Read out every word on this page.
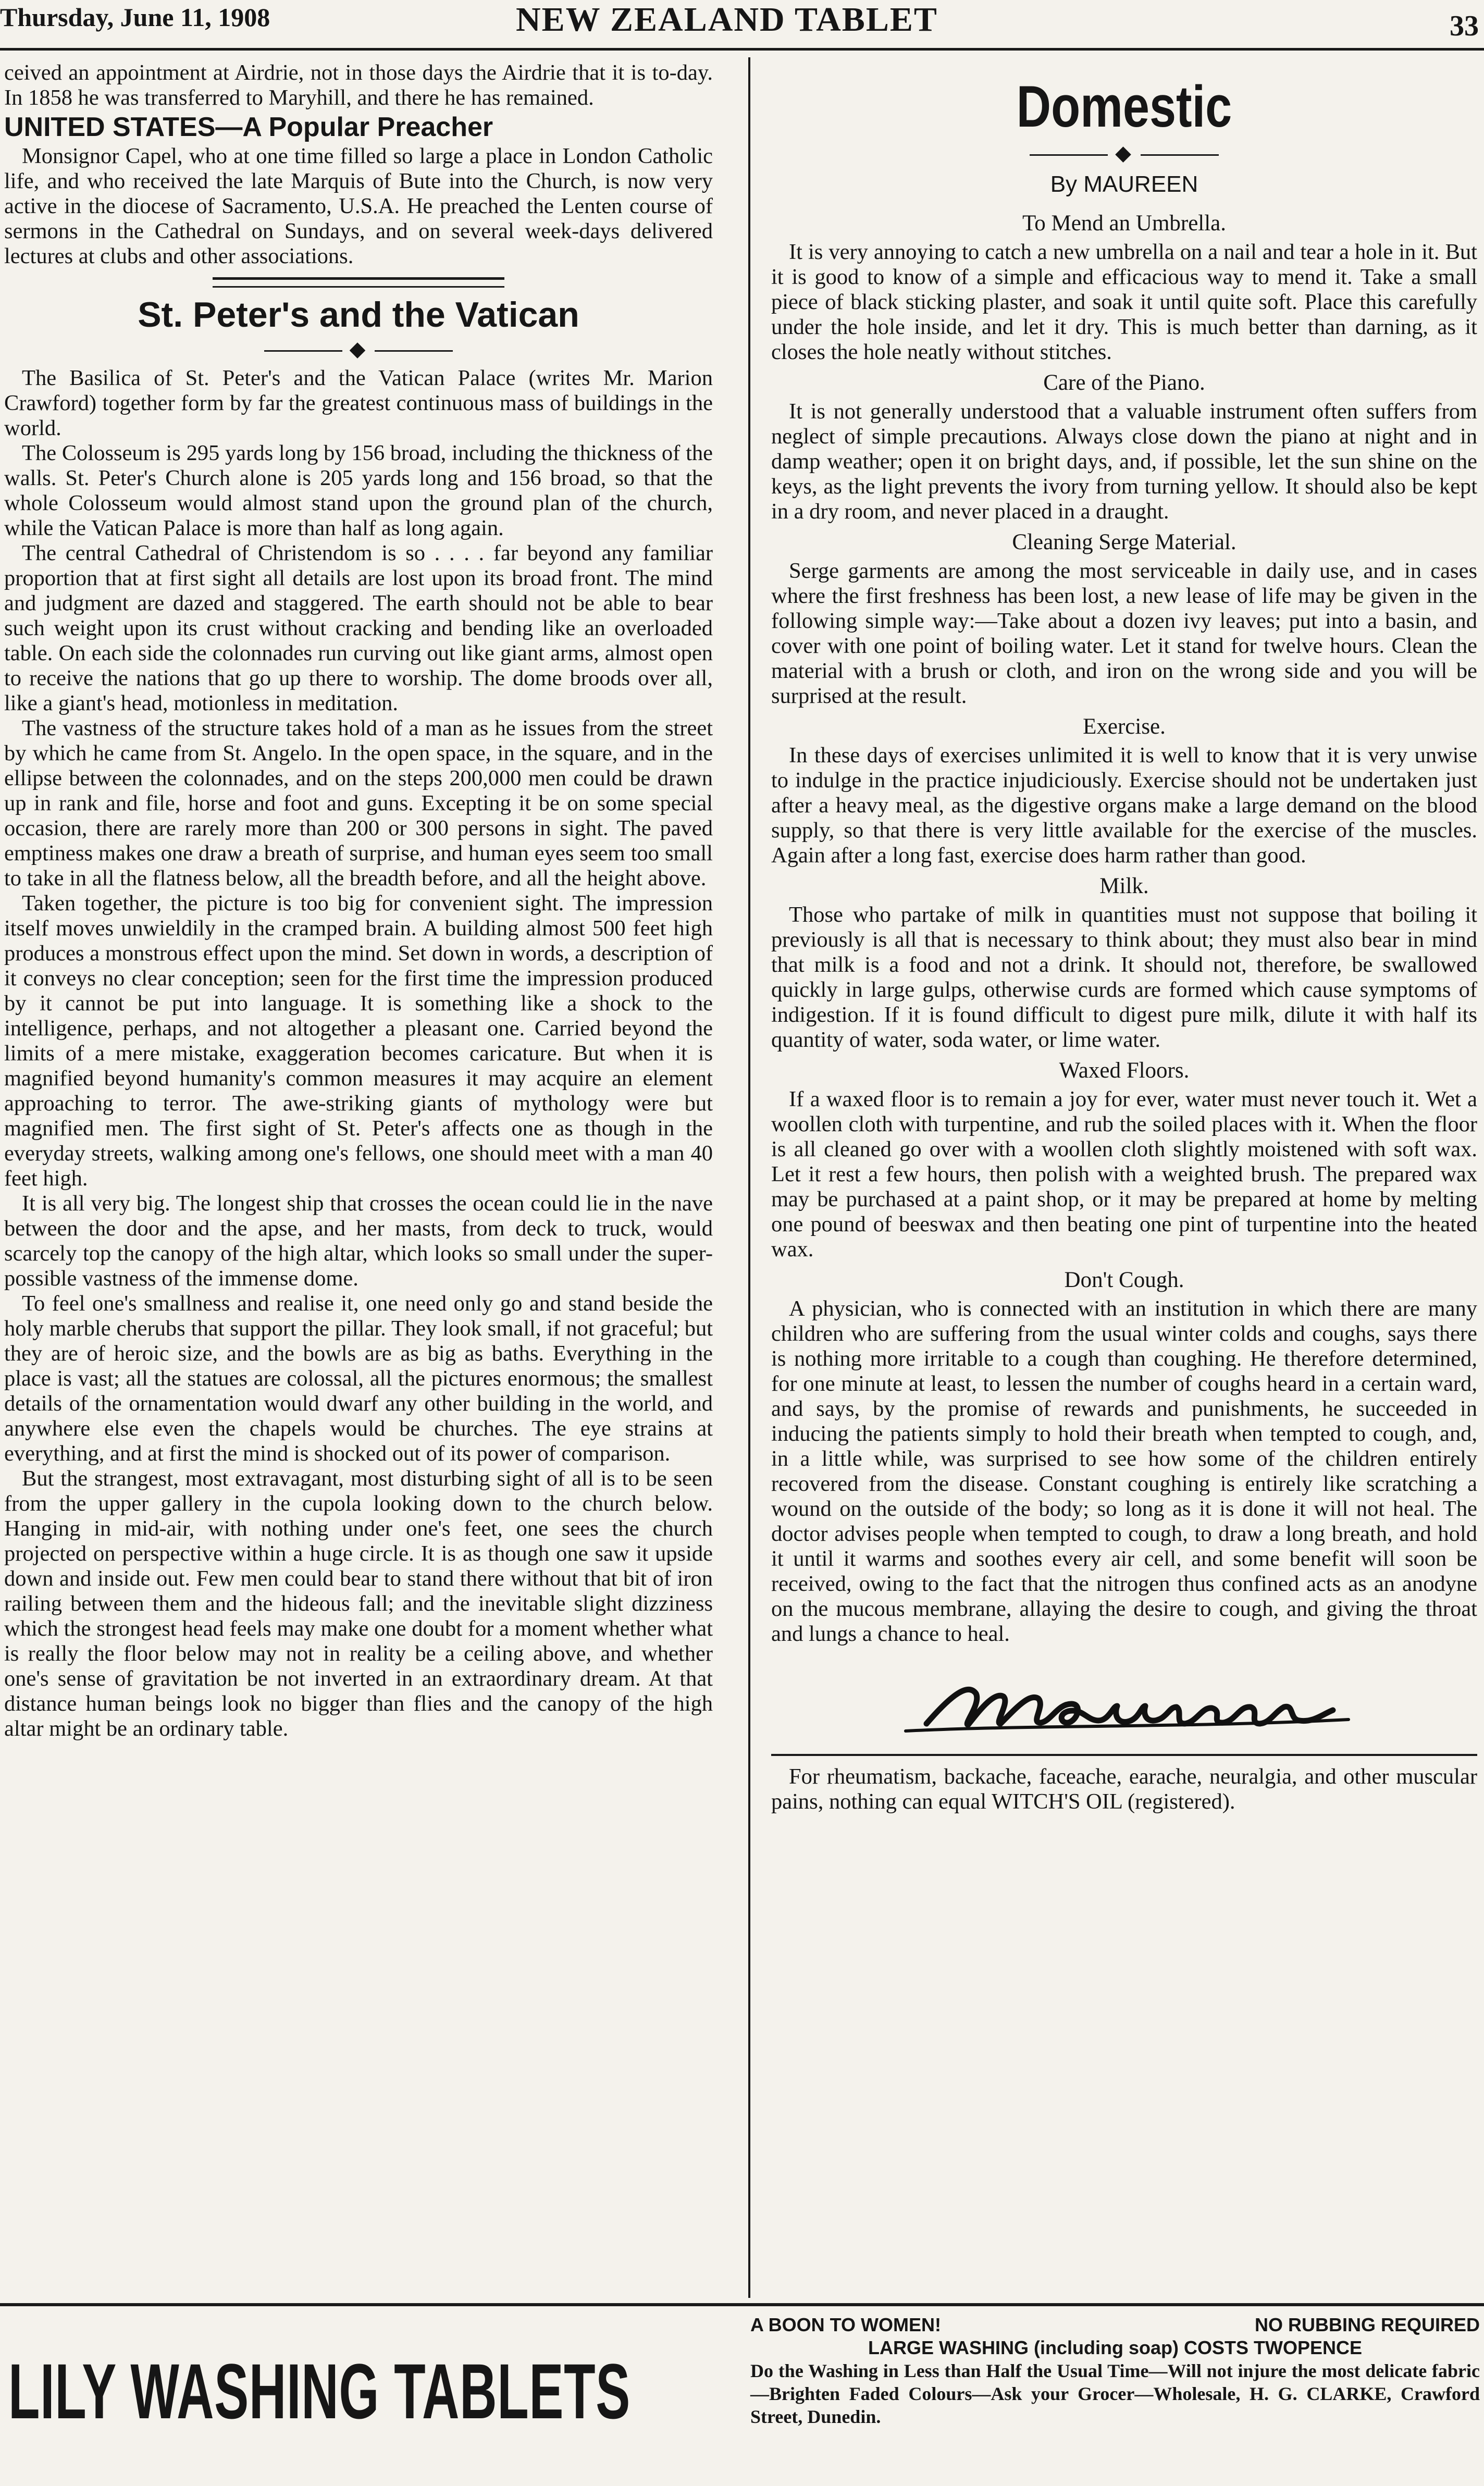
Thursday, June 11, 1908	NEW ZEALAND TABLET	33

ceived an appointment at Airdrie, not in those days the Airdrie that it is to-day. In 1858 he was transferred to Maryhill, and there he has remained.

UNITED STATES—A Popular Preacher

Monsignor Capel, who at one time filled so large a place in London Catholic life, and who received the late Marquis of Bute into the Church, is now very active in the diocese of Sacramento, U.S.A. He preached the Lenten course of sermons in the Cathedral on Sundays, and on several week-days delivered lectures at clubs and other associations.

St. Peter's and the Vatican
◆

The Basilica of St. Peter's and the Vatican Palace (writes Mr. Marion Crawford) together form by far the greatest continuous mass of buildings in the world.

The Colosseum is 295 yards long by 156 broad, including the thickness of the walls. St. Peter's Church alone is 205 yards long and 156 broad, so that the whole Colosseum would almost stand upon the ground plan of the church, while the Vatican Palace is more than half as long again.

The central Cathedral of Christendom is so . . . . far beyond any familiar proportion that at first sight all details are lost upon its broad front. The mind and judgment are dazed and staggered. The earth should not be able to bear such weight upon its crust without cracking and bending like an overloaded table. On each side the colonnades run curving out like giant arms, almost open to receive the nations that go up there to worship. The dome broods over all, like a giant's head, motionless in meditation.

The vastness of the structure takes hold of a man as he issues from the street by which he came from St. Angelo. In the open space, in the square, and in the ellipse between the colonnades, and on the steps 200,000 men could be drawn up in rank and file, horse and foot and guns. Excepting it be on some special occasion, there are rarely more than 200 or 300 persons in sight. The paved emptiness makes one draw a breath of surprise, and human eyes seem too small to take in all the flatness below, all the breadth before, and all the height above.

Taken together, the picture is too big for convenient sight. The impression itself moves unwieldily in the cramped brain. A building almost 500 feet high produces a monstrous effect upon the mind. Set down in words, a description of it conveys no clear conception; seen for the first time the impression produced by it cannot be put into language. It is something like a shock to the intelligence, perhaps, and not altogether a pleasant one. Carried beyond the limits of a mere mistake, exaggeration becomes caricature. But when it is magnified beyond humanity's common measures it may acquire an element approaching to terror. The awe-striking giants of mythology were but magnified men. The first sight of St. Peter's affects one as though in the everyday streets, walking among one's fellows, one should meet with a man 40 feet high.

It is all very big. The longest ship that crosses the ocean could lie in the nave between the door and the apse, and her masts, from deck to truck, would scarcely top the canopy of the high altar, which looks so small under the super-possible vastness of the immense dome.

To feel one's smallness and realise it, one need only go and stand beside the holy marble cherubs that support the pillar. They look small, if not graceful; but they are of heroic size, and the bowls are as big as baths. Everything in the place is vast; all the statues are colossal, all the pictures enormous; the smallest details of the ornamentation would dwarf any other building in the world, and anywhere else even the chapels would be churches. The eye strains at everything, and at first the mind is shocked out of its power of comparison.

But the strangest, most extravagant, most disturbing sight of all is to be seen from the upper gallery in the cupola looking down to the church below. Hanging in mid-air, with nothing under one's feet, one sees the church projected on perspective within a huge circle. It is as though one saw it upside down and inside out. Few men could bear to stand there without that bit of iron railing between them and the hideous fall; and the inevitable slight dizziness which the strongest head feels may make one doubt for a moment whether what is really the floor below may not in reality be a ceiling above, and whether one's sense of gravitation be not inverted in an extraordinary dream. At that distance human beings look no bigger than flies and the canopy of the high altar might be an ordinary table.

Domestic
◆
By MAUREEN
To Mend an Umbrella.

It is very annoying to catch a new umbrella on a nail and tear a hole in it. But it is good to know of a simple and efficacious way to mend it. Take a small piece of black sticking plaster, and soak it until quite soft. Place this carefully under the hole inside, and let it dry. This is much better than darning, as it closes the hole neatly without stitches.

Care of the Piano.

It is not generally understood that a valuable instrument often suffers from neglect of simple precautions. Always close down the piano at night and in damp weather; open it on bright days, and, if possible, let the sun shine on the keys, as the light prevents the ivory from turning yellow. It should also be kept in a dry room, and never placed in a draught.

Cleaning Serge Material.

Serge garments are among the most serviceable in daily use, and in cases where the first freshness has been lost, a new lease of life may be given in the following simple way:—Take about a dozen ivy leaves; put into a basin, and cover with one point of boiling water. Let it stand for twelve hours. Clean the material with a brush or cloth, and iron on the wrong side and you will be surprised at the result.

Exercise.

In these days of exercises unlimited it is well to know that it is very unwise to indulge in the practice injudiciously. Exercise should not be undertaken just after a heavy meal, as the digestive organs make a large demand on the blood supply, so that there is very little available for the exercise of the muscles. Again after a long fast, exercise does harm rather than good.

Milk.

Those who partake of milk in quantities must not suppose that boiling it previously is all that is necessary to think about; they must also bear in mind that milk is a food and not a drink. It should not, therefore, be swallowed quickly in large gulps, otherwise curds are formed which cause symptoms of indigestion. If it is found difficult to digest pure milk, dilute it with half its quantity of water, soda water, or lime water.

Waxed Floors.

If a waxed floor is to remain a joy for ever, water must never touch it. Wet a woollen cloth with turpentine, and rub the soiled places with it. When the floor is all cleaned go over with a woollen cloth slightly moistened with soft wax. Let it rest a few hours, then polish with a weighted brush. The prepared wax may be purchased at a paint shop, or it may be prepared at home by melting one pound of beeswax and then beating one pint of turpentine into the heated wax.

Don't Cough.

A physician, who is connected with an institution in which there are many children who are suffering from the usual winter colds and coughs, says there is nothing more irritable to a cough than coughing. He therefore determined, for one minute at least, to lessen the number of coughs heard in a certain ward, and says, by the promise of rewards and punishments, he succeeded in inducing the patients simply to hold their breath when tempted to cough, and, in a little while, was surprised to see how some of the children entirely recovered from the disease. Constant coughing is entirely like scratching a wound on the outside of the body; so long as it is done it will not heal. The doctor advises people when tempted to cough, to draw a long breath, and hold it until it warms and soothes every air cell, and some benefit will soon be received, owing to the fact that the nitrogen thus confined acts as an anodyne on the mucous membrane, allaying the desire to cough, and giving the throat and lungs a chance to heal.

For rheumatism, backache, faceache, earache, neuralgia, and other muscular pains, nothing can equal WITCH'S OIL (registered).

LILY WASHING TABLETS
A BOON TO WOMEN!	NO RUBBING REQUIRED
LARGE WASHING (including soap) COSTS TWOPENCE
Do the Washing in Less than Half the Usual Time—Will not injure the most delicate fabric—Brighten Faded Colours—Ask your Grocer—Wholesale, H. G. CLARKE, Crawford Street, Dunedin.
